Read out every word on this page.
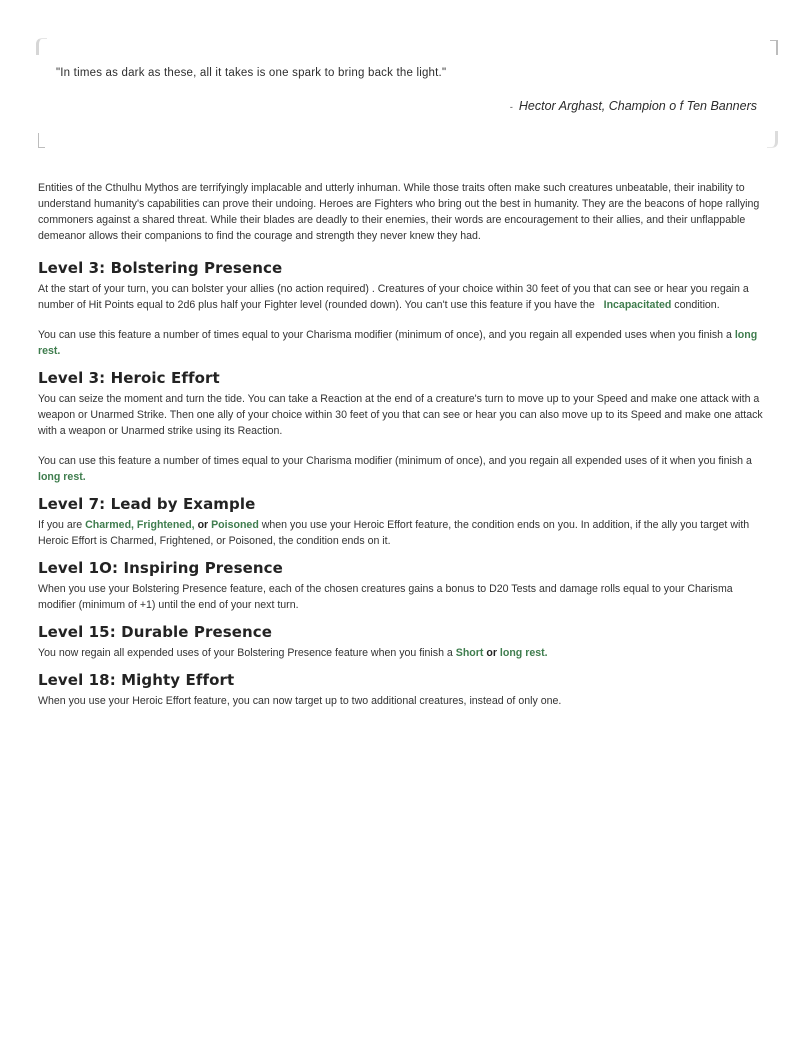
"In times as dark as these, all it takes is one spark to bring back the light."
- Hector Arghast, Champion o f Ten Banners

Entities of the Cthulhu Mythos are terrifyingly implacable and utterly inhuman. While those traits often make such creatures unbeatable, their inability to understand humanity's capabilities can prove their undoing. Heroes are Fighters who bring out the best in humanity. They are the beacons of hope rallying commoners against a shared threat. While their blades are deadly to their enemies, their words are encouragement to their allies, and their unflappable demeanor allows their companions to find the courage and strength they never knew they had.

Level 3: Bolstering Presence

At the start of your turn, you can bolster your allies (no action required) . Creatures of your choice within 30 feet of you that can see or hear you regain a number of Hit Points equal to 2d6 plus half your Fighter level (rounded down). You can't use this feature if you have the Incapacitated condition.

You can use this feature a number of times equal to your Charisma modifier (minimum of once), and you regain all expended uses when you finish a long rest.

Level 3: Heroic Effort

You can seize the moment and turn the tide. You can take a Reaction at the end of a creature's turn to move up to your Speed and make one attack with a weapon or Unarmed Strike. Then one ally of your choice within 30 feet of you that can see or hear you can also move up to its Speed and make one attack with a weapon or Unarmed strike using its Reaction.

You can use this feature a number of times equal to your Charisma modifier (minimum of once), and you regain all expended uses of it when you finish a long rest.

Level 7: Lead by Example

If you are Charmed, Frightened, or Poisoned when you use your Heroic Effort feature, the condition ends on you. In addition, if the ally you target with Heroic Effort is Charmed, Frightened, or Poisoned, the condition ends on it.

Level 1O: Inspiring Presence

When you use your Bolstering Presence feature, each of the chosen creatures gains a bonus to D20 Tests and damage rolls equal to your Charisma modifier (minimum of +1) until the end of your next turn.

Level 15: Durable Presence

You now regain all expended uses of your Bolstering Presence feature when you finish a Short or long rest.

Level 18: Mighty Effort

When you use your Heroic Effort feature, you can now target up to two additional creatures, instead of only one.
